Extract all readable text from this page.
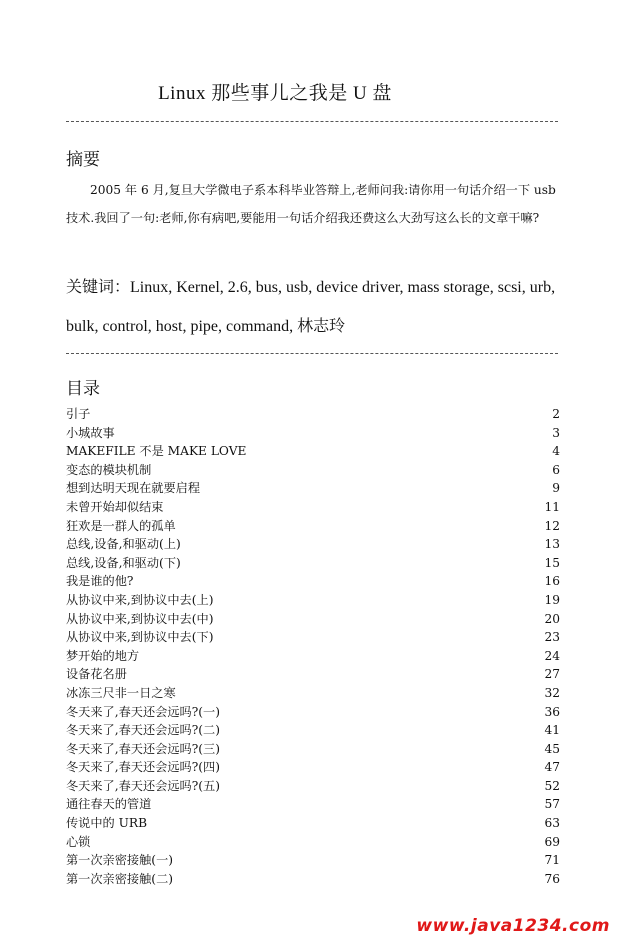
Linux 那些事儿之我是 U 盘
摘要
2005 年 6 月,复旦大学微电子系本科毕业答辩上,老师问我:请你用一句话介绍一下 usb 技术.我回了一句:老师,你有病吧,要能用一句话介绍我还费这么大劲写这么长的文章干嘛?
关键词：Linux, Kernel, 2.6, bus, usb, device driver, mass storage, scsi, urb, bulk, control, host, pipe, command, 林志玲
目录
引子	2
小城故事	3
MAKEFILE 不是 MAKE LOVE	4
变态的模块机制	6
想到达明天现在就要启程	9
未曾开始却似结束	11
狂欢是一群人的孤单	12
总线,设备,和驱动(上)	13
总线,设备,和驱动(下)	15
我是谁的他?	16
从协议中来,到协议中去(上)	19
从协议中来,到协议中去(中)	20
从协议中来,到协议中去(下)	23
梦开始的地方	24
设备花名册	27
冰冻三尺非一日之寒	32
冬天来了,春天还会远吗?(一)	36
冬天来了,春天还会远吗?(二)	41
冬天来了,春天还会远吗?(三)	45
冬天来了,春天还会远吗?(四)	47
冬天来了,春天还会远吗?(五)	52
通往春天的管道	57
传说中的 URB	63
心锁	69
第一次亲密接触(一)	71
第一次亲密接触(二)	76
www.java1234.com
